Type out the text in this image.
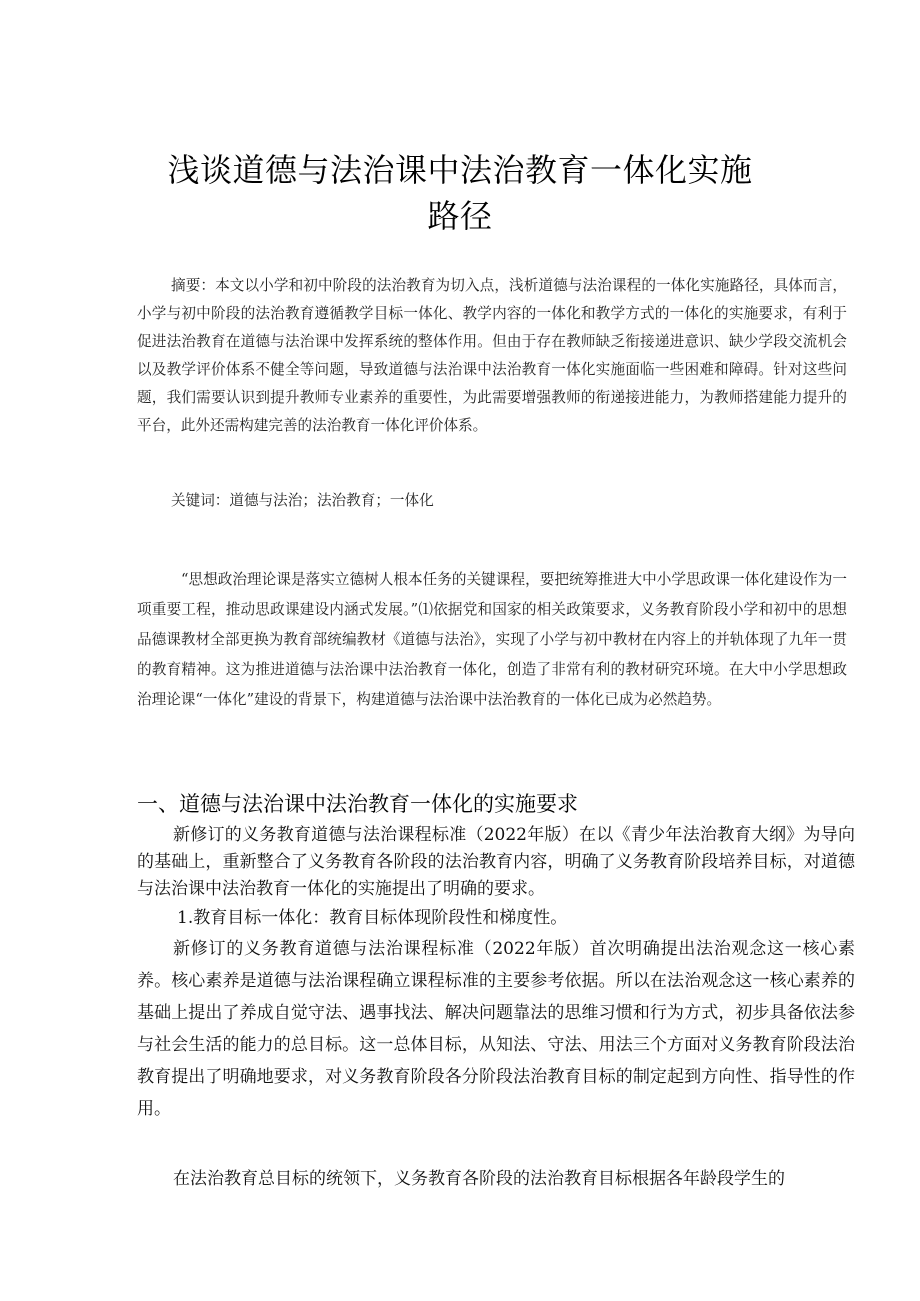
浅谈道德与法治课中法治教育一体化实施
路径
摘要：本文以小学和初中阶段的法治教育为切入点，浅析道德与法治课程的一体化实施路径，具体而言，小学与初中阶段的法治教育遵循教学目标一体化、教学内容的一体化和教学方式的一体化的实施要求，有利于促进法治教育在道德与法治课中发挥系统的整体作用。但由于存在教师缺乏衔接递进意识、缺少学段交流机会以及教学评价体系不健全等问题，导致道德与法治课中法治教育一体化实施面临一些困难和障碍。针对这些问题，我们需要认识到提升教师专业素养的重要性，为此需要增强教师的衔递接进能力，为教师搭建能力提升的平台，此外还需构建完善的法治教育一体化评价体系。
关键词：道德与法治；法治教育；一体化
“思想政治理论课是落实立德树人根本任务的关键课程，要把统筹推进大中小学思政课一体化建设作为一项重要工程，推动思政课建设内涵式发展。”⑴依据党和国家的相关政策要求，义务教育阶段小学和初中的思想品德课教材全部更换为教育部统编教材《道德与法治》，实现了小学与初中教材在内容上的并轨体现了九年一贯的教育精神。这为推进道德与法治课中法治教育一体化，创造了非常有利的教材研究环境。在大中小学思想政治理论课“一体化”建设的背景下，构建道德与法治课中法治教育的一体化已成为必然趋势。
一、道德与法治课中法治教育一体化的实施要求
新修订的义务教育道德与法治课程标准（2022年版）在以《青少年法治教育大纲》为导向的基础上，重新整合了义务教育各阶段的法治教育内容，明确了义务教育阶段培养目标，对道德与法治课中法治教育一体化的实施提出了明确的要求。
1.教育目标一体化：教育目标体现阶段性和梯度性。
新修订的义务教育道德与法治课程标准（2022年版）首次明确提出法治观念这一核心素养。核心素养是道德与法治课程确立课程标准的主要参考依据。所以在法治观念这一核心素养的基础上提出了养成自觉守法、遇事找法、解决问题靠法的思维习惯和行为方式，初步具备依法参与社会生活的能力的总目标。这一总体目标，从知法、守法、用法三个方面对义务教育阶段法治教育提出了明确地要求，对义务教育阶段各分阶段法治教育目标的制定起到方向性、指导性的作用。
在法治教育总目标的统领下，义务教育各阶段的法治教育目标根据各年龄段学生的
